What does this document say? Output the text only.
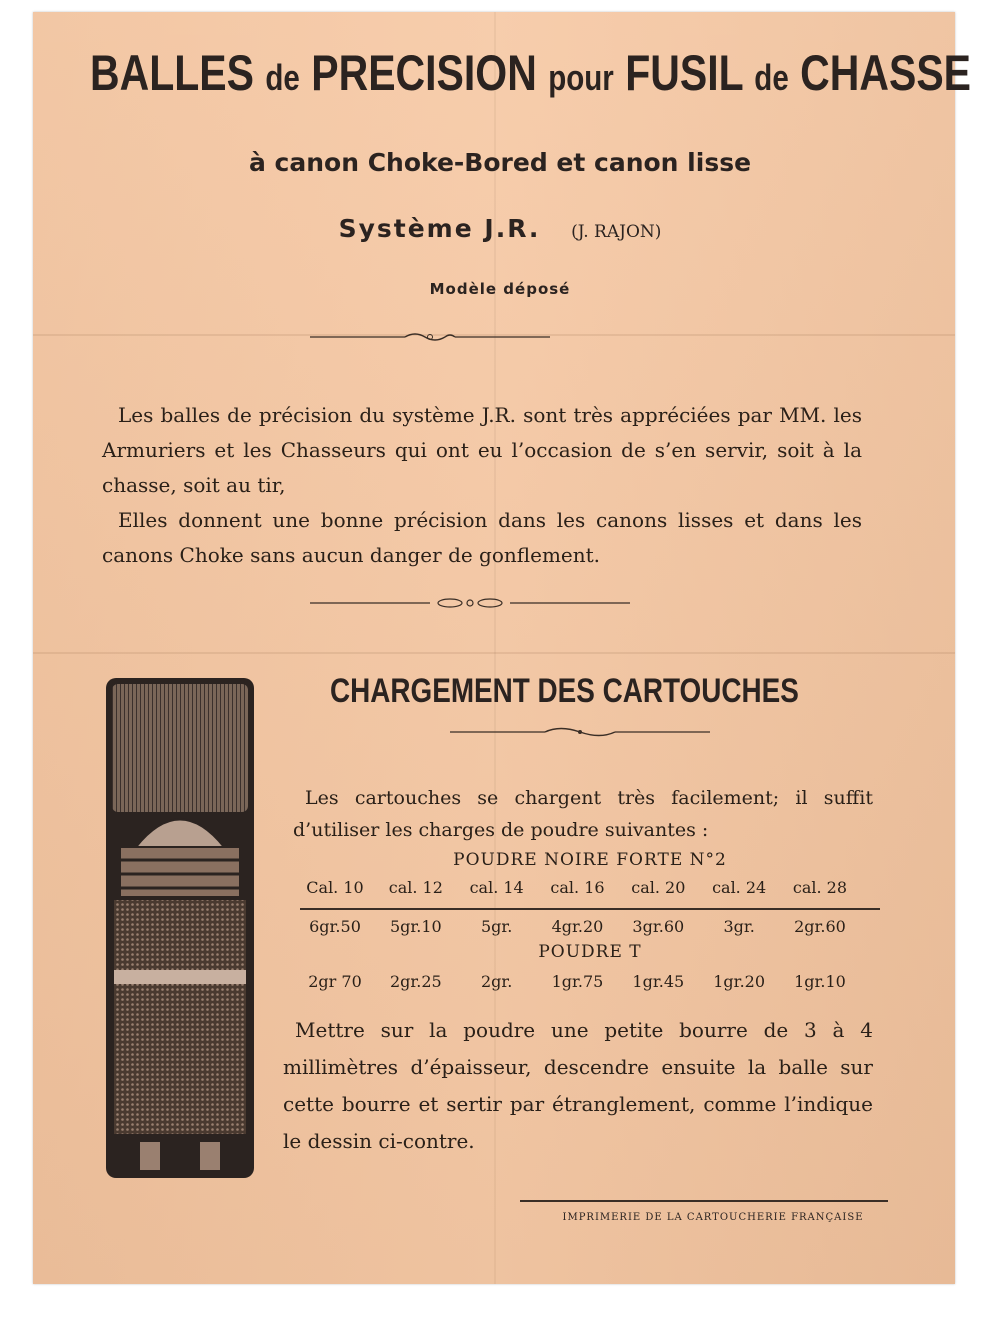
BALLES de PRECISION pour FUSIL de CHASSE
à canon Choke-Bored et canon lisse
Système J.R. (J. RAJON)
Modèle déposé

Les balles de précision du système J.R. sont très appréciées par MM. les Armuriers et les Chasseurs qui ont eu l’occasion de s’en servir, soit à la chasse, soit au tir,

Elles donnent une bonne précision dans les canons lisses et dans les canons Choke sans aucun danger de gonflement.

CHARGEMENT DES CARTOUCHES

Les cartouches se chargent très facilement; il suffit d’utiliser les charges de poudre suivantes :

POUDRE NOIRE FORTE N°2
Cal. 10	cal. 12	cal. 14	cal. 16	cal. 20	cal. 24	cal. 28
6gr.50	5gr.10	5gr.	4gr.20	3gr.60	3gr.	2gr.60
POUDRE T
2gr 70	2gr.25	2gr.	1gr.75	1gr.45	1gr.20	1gr.10

Mettre sur la poudre une petite bourre de 3 à 4 millimètres d’épaisseur, descendre ensuite la balle sur cette bourre et sertir par étranglement, comme l’indique le dessin ci-contre.

IMPRIMERIE DE LA CARTOUCHERIE FRANÇAISE
